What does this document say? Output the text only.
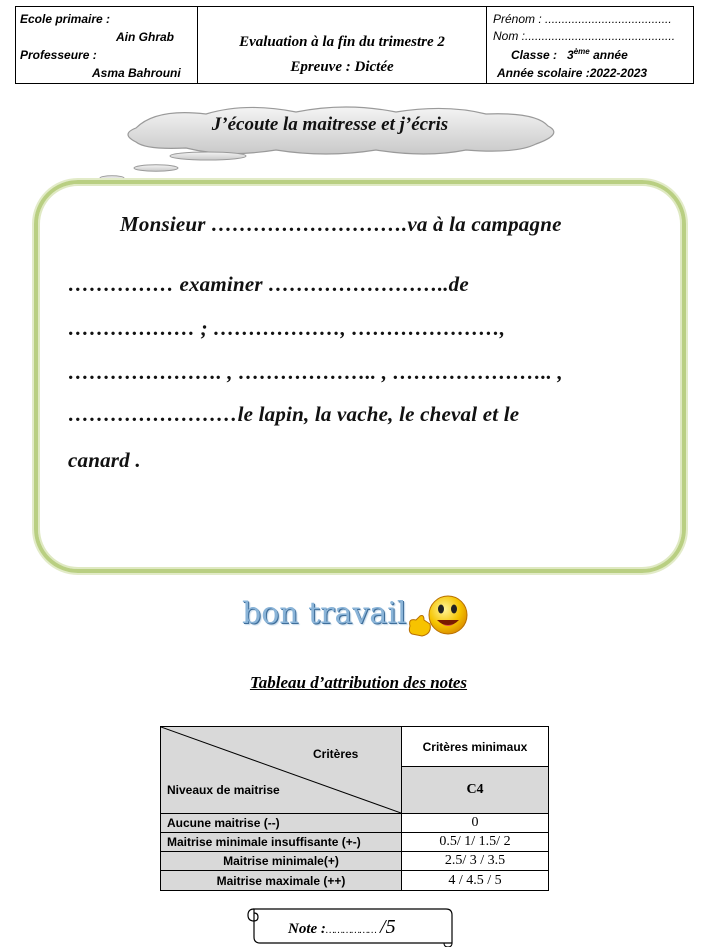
Ecole primaire :
Ain Ghrab
Professeure :
Asma Bahrouni
Evaluation à la fin du trimestre 2
Epreuve : Dictée
Prénom : ......................................
Nom :.............................................
Classe : 3ème année
Année scolaire :2022-2023
J’écoute la maitresse et j’écris
Monsieur ……………………….va à la campagne
…………… examiner ……………………..de
……………… ; ………………, …………………,
…………………. , ……………….. , ………………….. ,
……………………le lapin, la vache, le cheval et le
canard .
bon travail
Tableau d’attribution des notes
Critères
Niveaux de maitrise	Critères minimaux
	C4
Aucune maitrise (--)	0
Maitrise minimale insuffisante (+-)	0.5/ 1/ 1.5/ 2
Maitrise minimale(+)	2.5/ 3 / 3.5
Maitrise maximale (++)	4 / 4.5 / 5
Note :……………… /5
